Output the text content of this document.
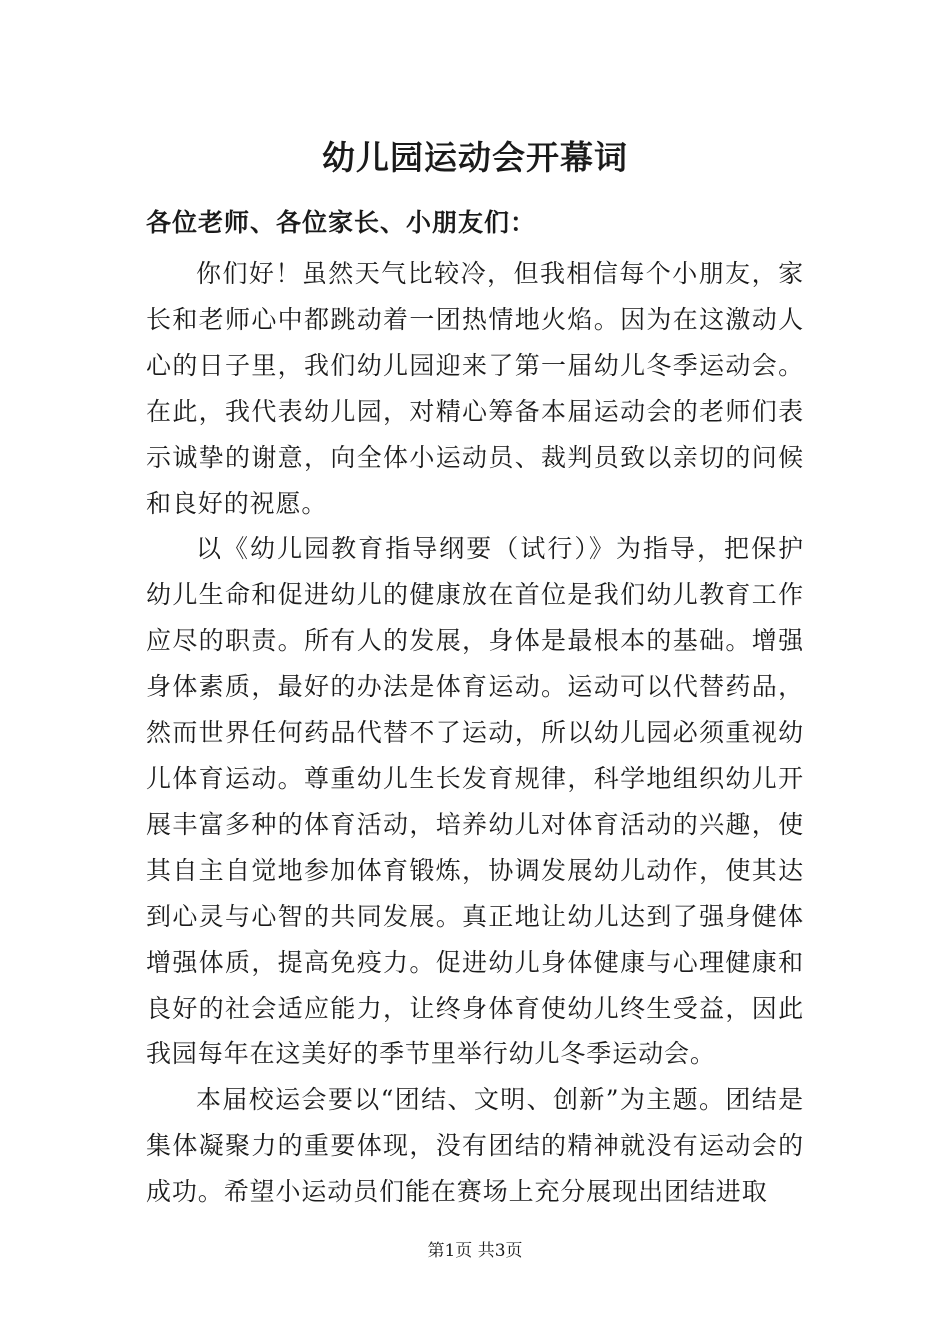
幼儿园运动会开幕词

各位老师、各位家长、小朋友们：

你们好！虽然天气比较冷，但我相信每个小朋友，家长和老师心中都跳动着一团热情地火焰。因为在这激动人心的日子里，我们幼儿园迎来了第一届幼儿冬季运动会。在此，我代表幼儿园，对精心筹备本届运动会的老师们表示诚挚的谢意，向全体小运动员、裁判员致以亲切的问候和良好的祝愿。

以《幼儿园教育指导纲要（试行）》为指导，把保护幼儿生命和促进幼儿的健康放在首位是我们幼儿教育工作应尽的职责。所有人的发展，身体是最根本的基础。增强身体素质，最好的办法是体育运动。运动可以代替药品，然而世界任何药品代替不了运动，所以幼儿园必须重视幼儿体育运动。尊重幼儿生长发育规律，科学地组织幼儿开展丰富多种的体育活动，培养幼儿对体育活动的兴趣，使其自主自觉地参加体育锻炼，协调发展幼儿动作，使其达到心灵与心智的共同发展。真正地让幼儿达到了强身健体增强体质，提高免疫力。促进幼儿身体健康与心理健康和良好的社会适应能力，让终身体育使幼儿终生受益，因此我园每年在这美好的季节里举行幼儿冬季运动会。

本届校运会要以“团结、文明、创新”为主题。团结是集体凝聚力的重要体现，没有团结的精神就没有运动会的成功。希望小运动员们能在赛场上充分展现出团结进取

第1页 共3页
